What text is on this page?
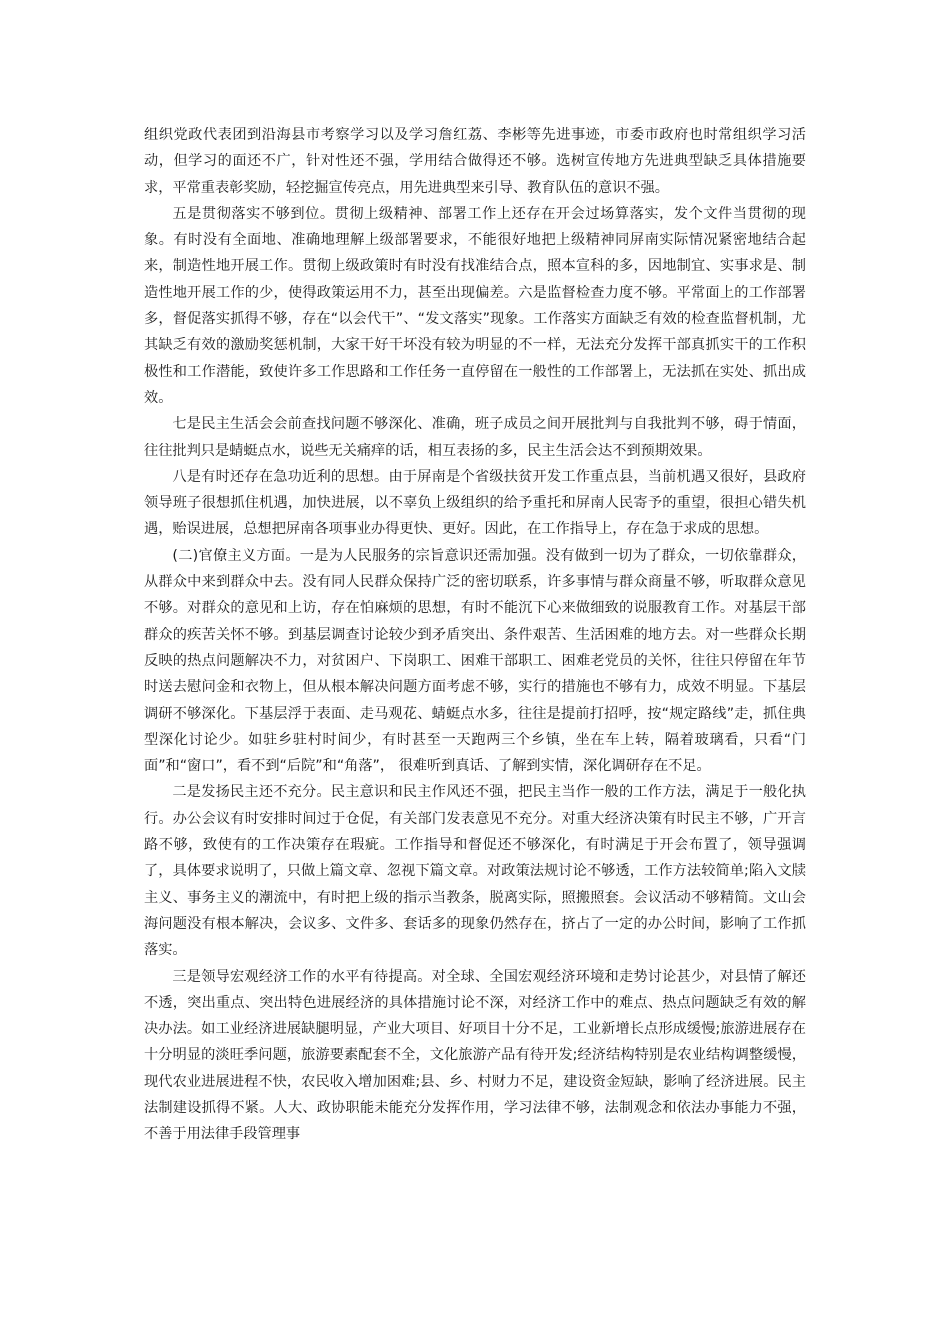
组织党政代表团到沿海县市考察学习以及学习詹红荔、李彬等先进事迹，市委市政府也时常组织学习活动，但学习的面还不广，针对性还不强，学用结合做得还不够。选树宣传地方先进典型缺乏具体措施要求，平常重表彰奖励，轻挖掘宣传亮点，用先进典型来引导、教育队伍的意识不强。

五是贯彻落实不够到位。贯彻上级精神、部署工作上还存在开会过场算落实，发个文件当贯彻的现象。有时没有全面地、准确地理解上级部署要求，不能很好地把上级精神同屏南实际情况紧密地结合起来，制造性地开展工作。贯彻上级政策时有时没有找准结合点，照本宣科的多，因地制宜、实事求是、制造性地开展工作的少，使得政策运用不力，甚至出现偏差。六是监督检查力度不够。平常面上的工作部署多，督促落实抓得不够，存在“以会代干”、“发文落实”现象。工作落实方面缺乏有效的检查监督机制，尤其缺乏有效的激励奖惩机制，大家干好干坏没有较为明显的不一样，无法充分发挥干部真抓实干的工作积极性和工作潜能，致使许多工作思路和工作任务一直停留在一般性的工作部署上，无法抓在实处、抓出成效。

七是民主生活会会前查找问题不够深化、准确，班子成员之间开展批判与自我批判不够，碍于情面，往往批判只是蜻蜓点水，说些无关痛痒的话，相互表扬的多，民主生活会达不到预期效果。

八是有时还存在急功近利的思想。由于屏南是个省级扶贫开发工作重点县，当前机遇又很好，县政府领导班子很想抓住机遇，加快进展，以不辜负上级组织的给予重托和屏南人民寄予的重望，很担心错失机遇，贻误进展，总想把屏南各项事业办得更快、更好。因此，在工作指导上，存在急于求成的思想。

(二)官僚主义方面。一是为人民服务的宗旨意识还需加强。没有做到一切为了群众，一切依靠群众，从群众中来到群众中去。没有同人民群众保持广泛的密切联系，许多事情与群众商量不够，听取群众意见不够。对群众的意见和上访，存在怕麻烦的思想，有时不能沉下心来做细致的说服教育工作。对基层干部群众的疾苦关怀不够。到基层调查讨论较少到矛盾突出、条件艰苦、生活困难的地方去。对一些群众长期反映的热点问题解决不力，对贫困户、下岗职工、困难干部职工、困难老党员的关怀，往往只停留在年节时送去慰问金和衣物上，但从根本解决问题方面考虑不够，实行的措施也不够有力，成效不明显。下基层调研不够深化。下基层浮于表面、走马观花、蜻蜓点水多，往往是提前打招呼，按“规定路线”走，抓住典型深化讨论少。如驻乡驻村时间少，有时甚至一天跑两三个乡镇，坐在车上转，隔着玻璃看，只看“门面”和“窗口”，看不到“后院”和“角落”， 很难听到真话、了解到实情，深化调研存在不足。

二是发扬民主还不充分。民主意识和民主作风还不强，把民主当作一般的工作方法，满足于一般化执行。办公会议有时安排时间过于仓促，有关部门发表意见不充分。对重大经济决策有时民主不够，广开言路不够，致使有的工作决策存在瑕疵。工作指导和督促还不够深化，有时满足于开会布置了，领导强调了，具体要求说明了，只做上篇文章、忽视下篇文章。对政策法规讨论不够透，工作方法较简单;陷入文牍主义、事务主义的潮流中，有时把上级的指示当教条，脱离实际，照搬照套。会议活动不够精简。文山会海问题没有根本解决，会议多、文件多、套话多的现象仍然存在，挤占了一定的办公时间，影响了工作抓落实。

三是领导宏观经济工作的水平有待提高。对全球、全国宏观经济环境和走势讨论甚少，对县情了解还不透，突出重点、突出特色进展经济的具体措施讨论不深，对经济工作中的难点、热点问题缺乏有效的解决办法。如工业经济进展缺腿明显，产业大项目、好项目十分不足，工业新增长点形成缓慢;旅游进展存在十分明显的淡旺季问题，旅游要素配套不全，文化旅游产品有待开发;经济结构特别是农业结构调整缓慢，现代农业进展进程不快，农民收入增加困难;县、乡、村财力不足，建设资金短缺，影响了经济进展。民主法制建设抓得不紧。人大、政协职能未能充分发挥作用，学习法律不够，法制观念和依法办事能力不强，不善于用法律手段管理事
